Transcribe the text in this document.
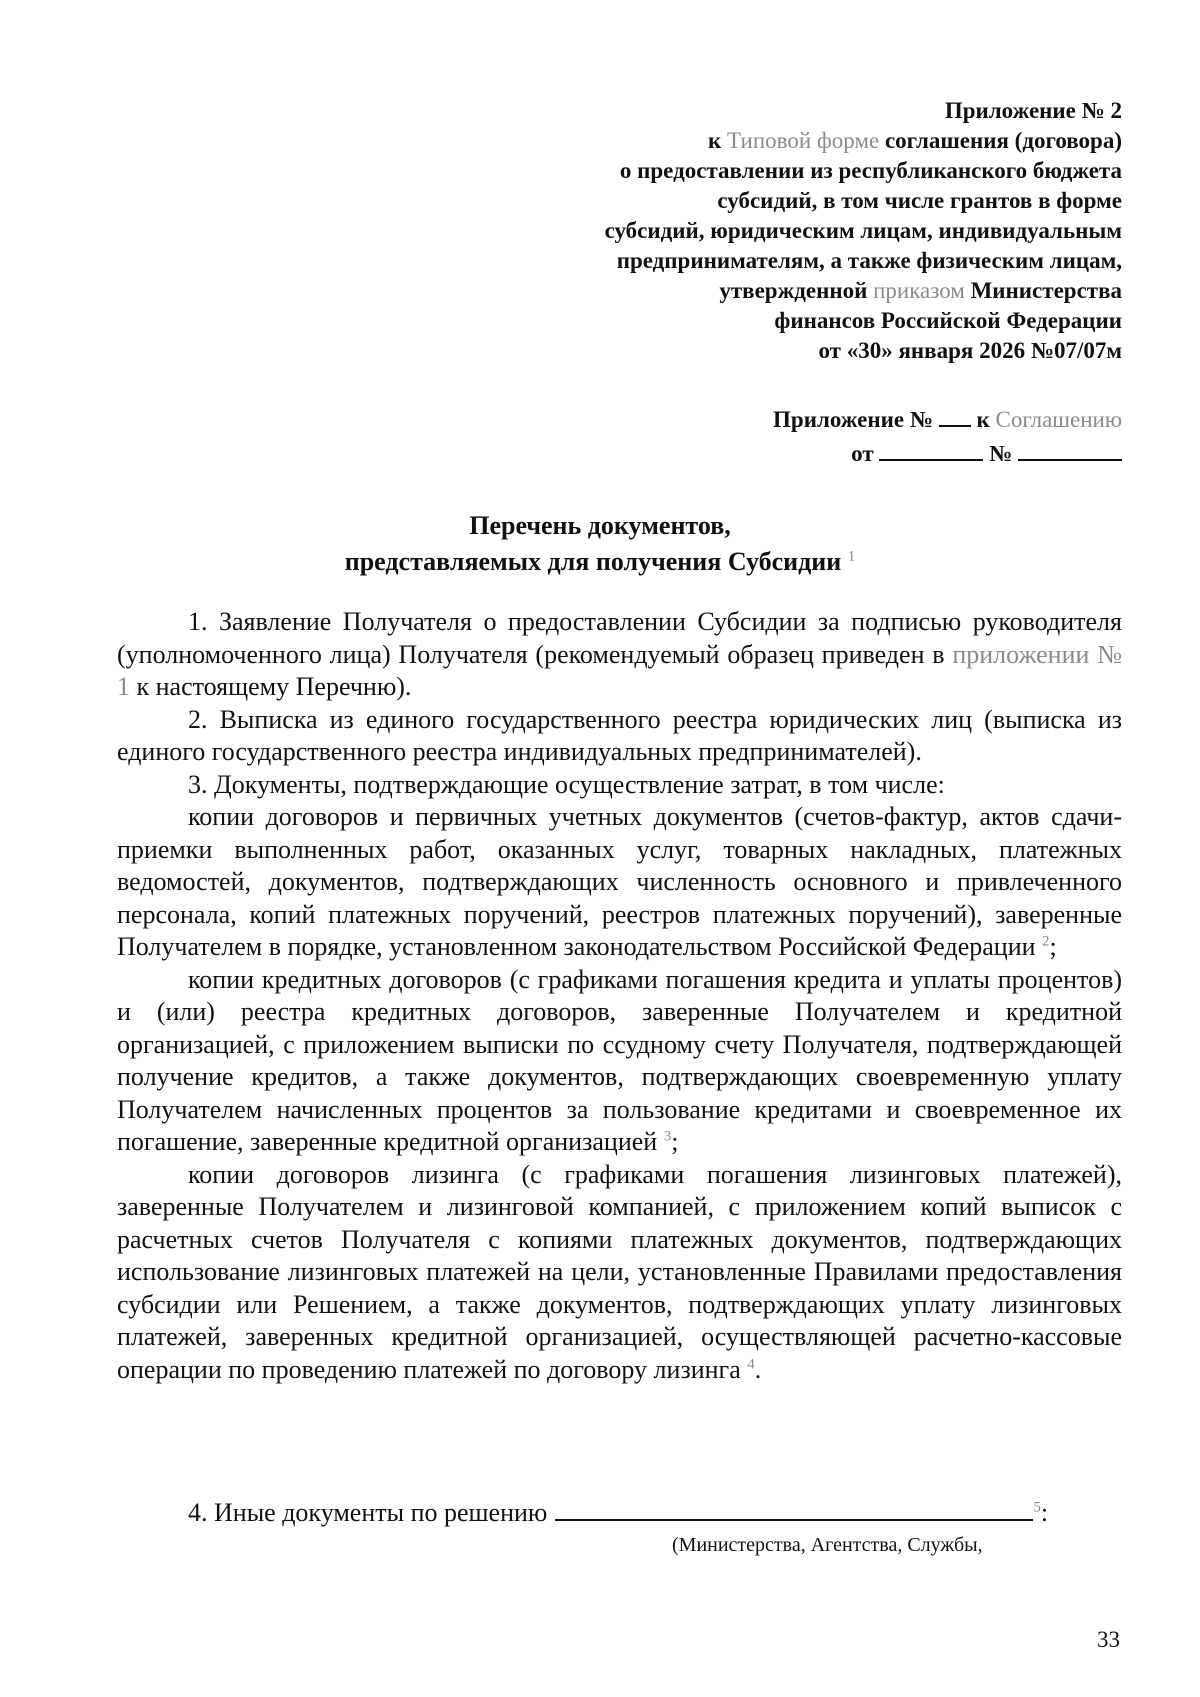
Приложение № 2
к Типовой форме соглашения (договора)
о предоставлении из республиканского бюджета
субсидий, в том числе грантов в форме
субсидий, юридическим лицам, индивидуальным
предпринимателям, а также физическим лицам,
утвержденной приказом Министерства
финансов Российской Федерации
от «30» января 2026 №07/07м
Приложение №  к Соглашению
от	№
Перечень документов,
представляемых для получения Субсидии $^1$

1. Заявление Получателя о предоставлении Субсидии за подписью руководителя (уполномоченного лица) Получателя (рекомендуемый образец приведен в приложении № 1 к настоящему Перечню).

2. Выписка из единого государственного реестра юридических лиц (выписка из единого государственного реестра индивидуальных предпринимателей).

3. Документы, подтверждающие осуществление затрат, в том числе:

копии договоров и первичных учетных документов (счетов-фактур, актов сдачи-приемки выполненных работ, оказанных услуг, товарных накладных, платежных ведомостей, документов, подтверждающих численность основного и привлеченного персонала, копий платежных поручений, реестров платежных поручений), заверенные Получателем в порядке, установленном законодательством Российской Федерации $^2$;

копии кредитных договоров (с графиками погашения кредита и уплаты процентов) и (или) реестра кредитных договоров, заверенные Получателем и кредитной организацией, с приложением выписки по ссудному счету Получателя, подтверждающей получение кредитов, а также документов, подтверждающих своевременную уплату Получателем начисленных процентов за пользование кредитами и своевременное их погашение, заверенные кредитной организацией $^3$;

копии договоров лизинга (с графиками погашения лизинговых платежей), заверенные Получателем и лизинговой компанией, с приложением копий выписок с расчетных счетов Получателя с копиями платежных документов, подтверждающих использование лизинговых платежей на цели, установленные Правилами предоставления субсидии или Решением, а также документов, подтверждающих уплату лизинговых платежей, заверенных кредитной организацией, осуществляющей расчетно-кассовые операции по проведению платежей по договору лизинга $^4$.

4. Иные документы по решению	$^5$:
(Министерства, Агентства, Службы,
33
